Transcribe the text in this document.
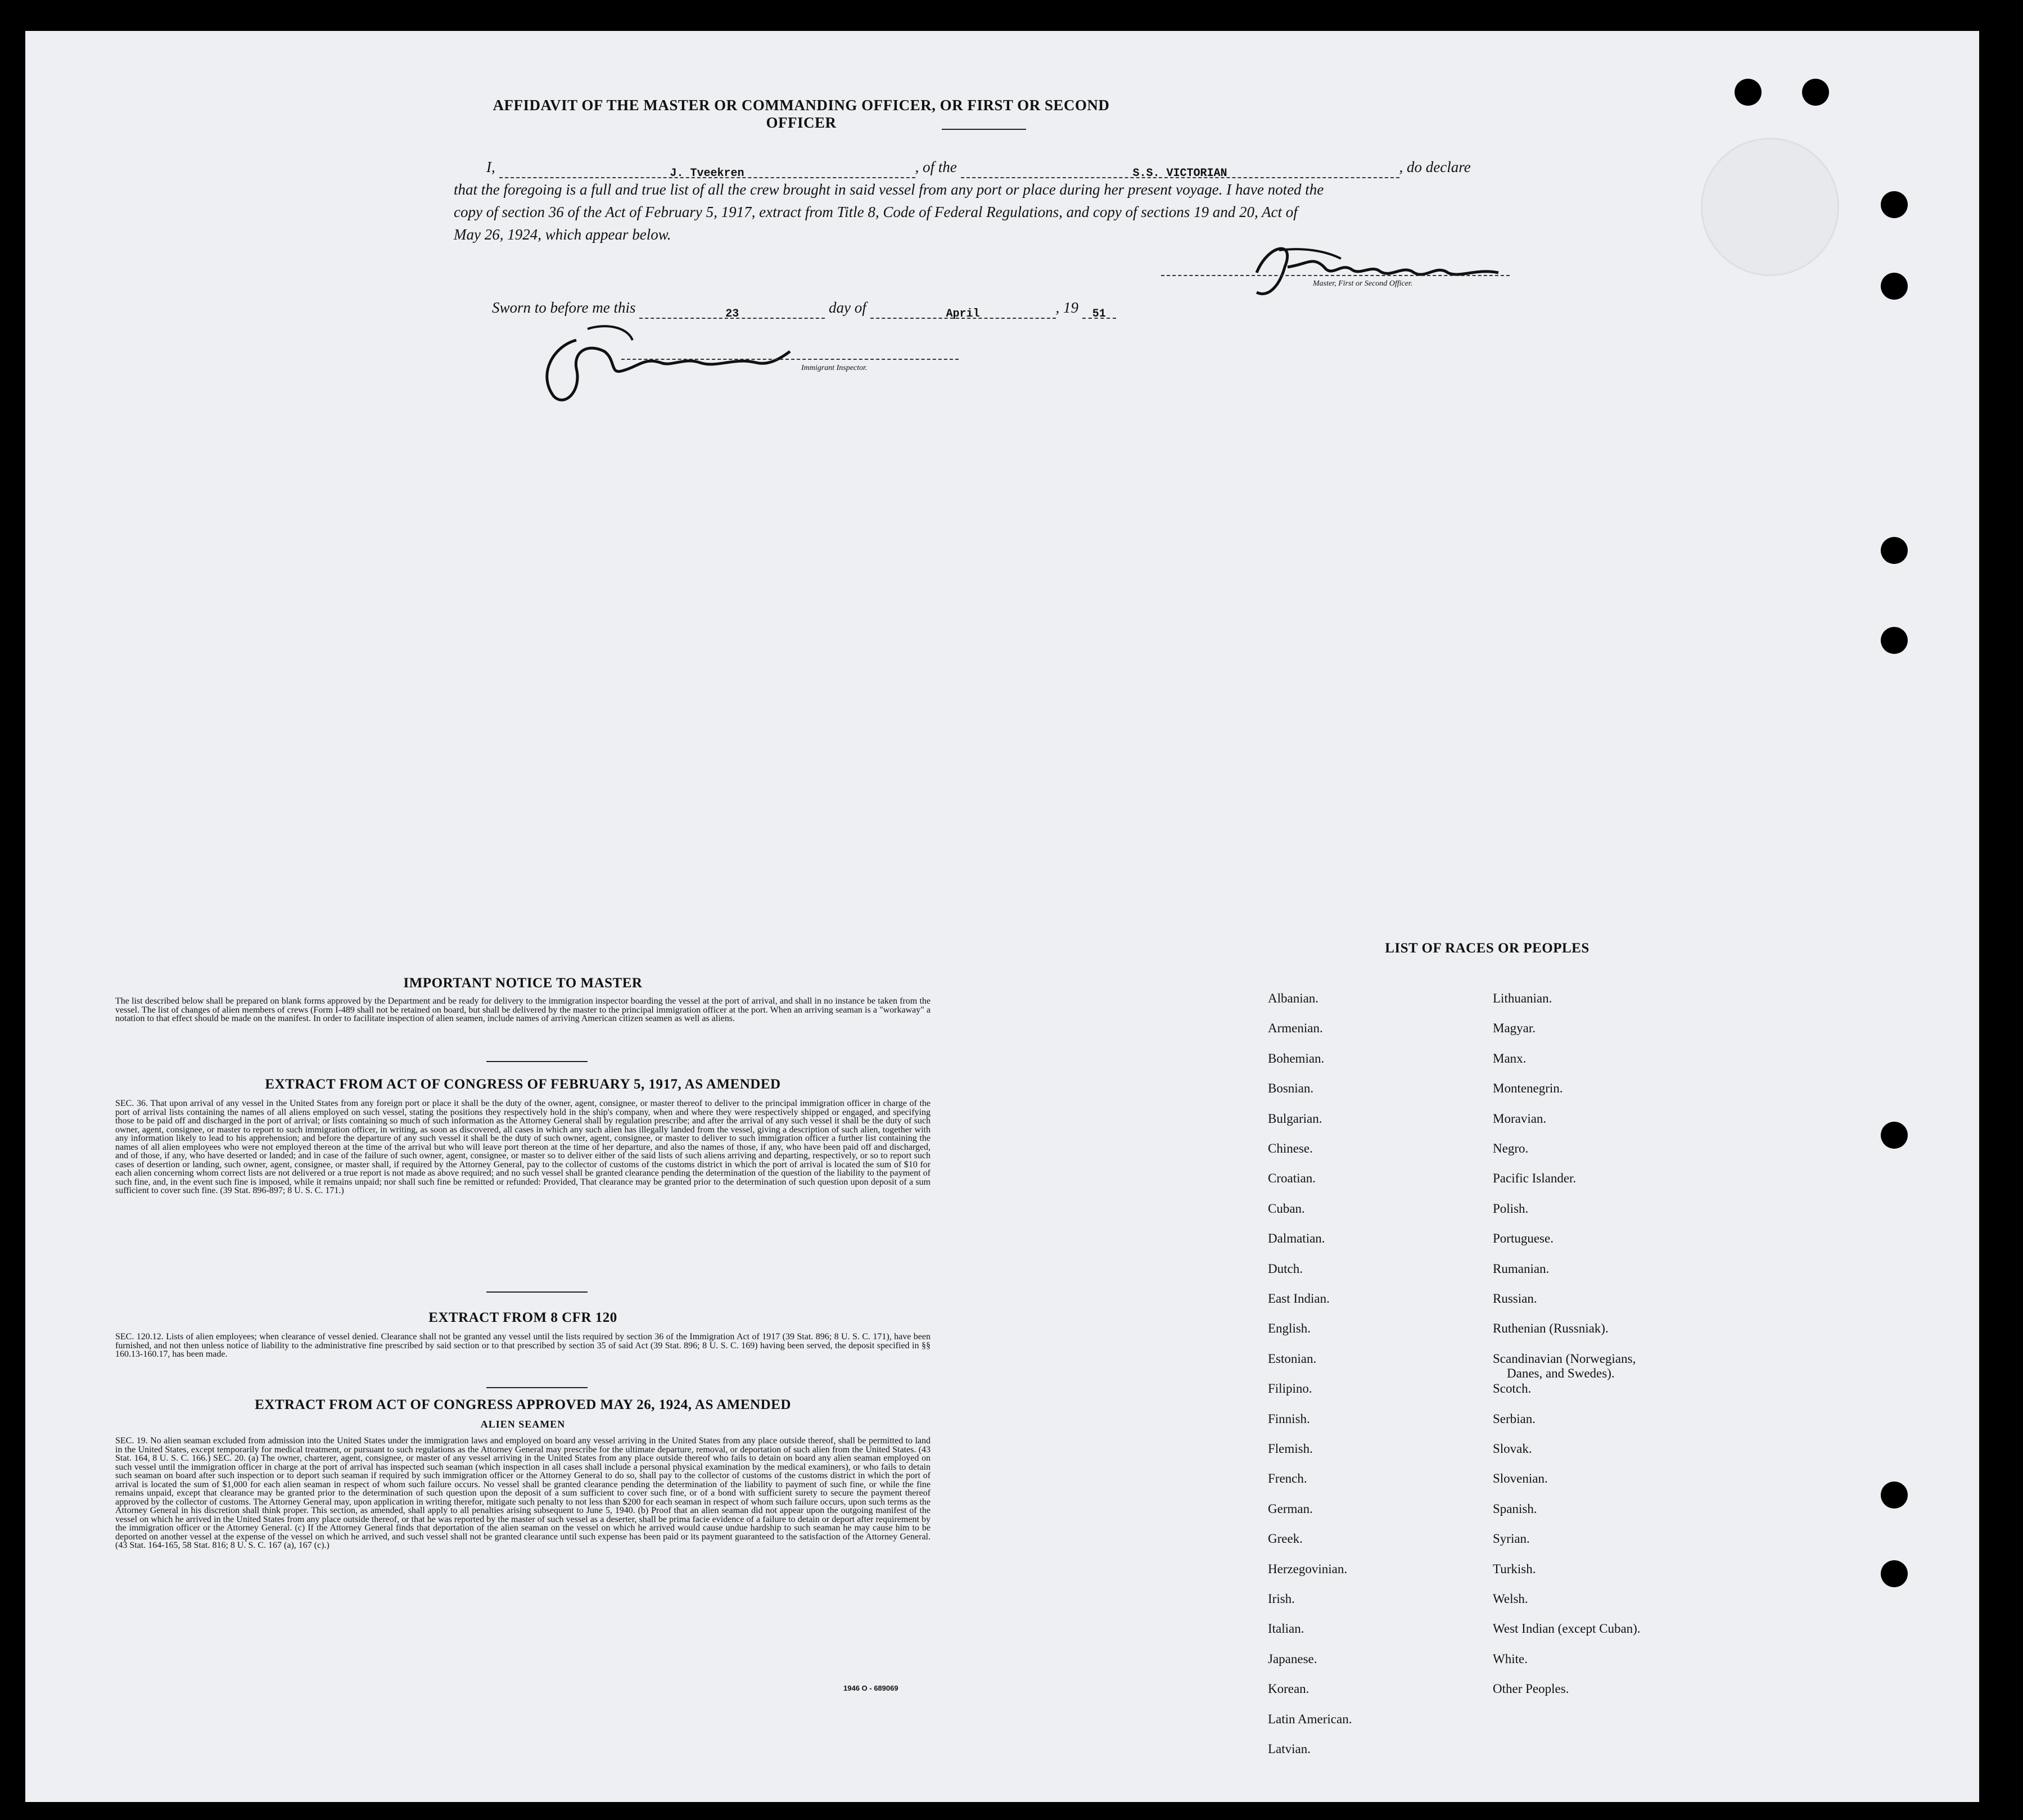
AFFIDAVIT OF THE MASTER OR COMMANDING OFFICER, OR FIRST OR SECOND OFFICER
I,	J. Tveekren	, of the	S.S. VICTORIAN	, do declare
that the foregoing is a full and true list of all the crew brought in said vessel from any port or place during her present voyage. I have noted the
copy of section 36 of the Act of February 5, 1917, extract from Title 8, Code of Federal Regulations, and copy of sections 19 and 20, Act of
May 26, 1924, which appear below.
Master, First or Second Officer.
Sworn to before me this	23	day of	April	, 19 51
Immigrant Inspector.
IMPORTANT NOTICE TO MASTER
The list described below shall be prepared on blank forms approved by the Department and be ready for delivery to the immigration inspector boarding the vessel at the port of arrival, and shall in no instance be taken from the vessel. The list of changes of alien members of crews (Form I-489 shall not be retained on board, but shall be delivered by the master to the principal immigration officer at the port. When an arriving seaman is a "workaway" a notation to that effect should be made on the manifest. In order to facilitate inspection of alien seamen, include names of arriving American citizen seamen as well as aliens.
EXTRACT FROM ACT OF CONGRESS OF FEBRUARY 5, 1917, AS AMENDED
SEC. 36. That upon arrival of any vessel in the United States from any foreign port or place it shall be the duty of the owner, agent, consignee, or master thereof to deliver to the principal immigration officer in charge of the port of arrival lists containing the names of all aliens employed on such vessel, stating the positions they respectively hold in the ship's company, when and where they were respectively shipped or engaged, and specifying those to be paid off and discharged in the port of arrival; or lists containing so much of such information as the Attorney General shall by regulation prescribe; and after the arrival of any such vessel it shall be the duty of such owner, agent, consignee, or master to report to such immigration officer, in writing, as soon as discovered, all cases in which any such alien has illegally landed from the vessel, giving a description of such alien, together with any information likely to lead to his apprehension; and before the departure of any such vessel it shall be the duty of such owner, agent, consignee, or master to deliver to such immigration officer a further list containing the names of all alien employees who were not employed thereon at the time of the arrival but who will leave port thereon at the time of her departure, and also the names of those, if any, who have been paid off and discharged, and of those, if any, who have deserted or landed; and in case of the failure of such owner, agent, consignee, or master so to deliver either of the said lists of such aliens arriving and departing, respectively, or so to report such cases of desertion or landing, such owner, agent, consignee, or master shall, if required by the Attorney General, pay to the collector of customs of the customs district in which the port of arrival is located the sum of $10 for each alien concerning whom correct lists are not delivered or a true report is not made as above required; and no such vessel shall be granted clearance pending the determination of the question of the liability to the payment of such fine, and, in the event such fine is imposed, while it remains unpaid; nor shall such fine be remitted or refunded: Provided, That clearance may be granted prior to the determination of such question upon deposit of a sum sufficient to cover such fine. (39 Stat. 896-897; 8 U. S. C. 171.)
EXTRACT FROM 8 CFR 120
SEC. 120.12. Lists of alien employees; when clearance of vessel denied. Clearance shall not be granted any vessel until the lists required by section 36 of the Immigration Act of 1917 (39 Stat. 896; 8 U. S. C. 171), have been furnished, and not then unless notice of liability to the administrative fine prescribed by said section or to that prescribed by section 35 of said Act (39 Stat. 896; 8 U. S. C. 169) having been served, the deposit specified in §§ 160.13-160.17, has been made.
EXTRACT FROM ACT OF CONGRESS APPROVED MAY 26, 1924, AS AMENDED
ALIEN SEAMEN
SEC. 19. No alien seaman excluded from admission into the United States under the immigration laws and employed on board any vessel arriving in the United States from any place outside thereof, shall be permitted to land in the United States, except temporarily for medical treatment, or pursuant to such regulations as the Attorney General may prescribe for the ultimate departure, removal, or deportation of such alien from the United States. (43 Stat. 164, 8 U. S. C. 166.) SEC. 20. (a) The owner, charterer, agent, consignee, or master of any vessel arriving in the United States from any place outside thereof who fails to detain on board any alien seaman employed on such vessel until the immigration officer in charge at the port of arrival has inspected such seaman (which inspection in all cases shall include a personal physical examination by the medical examiners), or who fails to detain such seaman on board after such inspection or to deport such seaman if required by such immigration officer or the Attorney General to do so, shall pay to the collector of customs of the customs district in which the port of arrival is located the sum of $1,000 for each alien seaman in respect of whom such failure occurs. No vessel shall be granted clearance pending the determination of the liability to payment of such fine, or while the fine remains unpaid, except that clearance may be granted prior to the determination of such question upon the deposit of a sum sufficient to cover such fine, or of a bond with sufficient surety to secure the payment thereof approved by the collector of customs. The Attorney General may, upon application in writing therefor, mitigate such penalty to not less than $200 for each seaman in respect of whom such failure occurs, upon such terms as the Attorney General in his discretion shall think proper. This section, as amended, shall apply to all penalties arising subsequent to June 5, 1940. (b) Proof that an alien seaman did not appear upon the outgoing manifest of the vessel on which he arrived in the United States from any place outside thereof, or that he was reported by the master of such vessel as a deserter, shall be prima facie evidence of a failure to detain or deport after requirement by the immigration officer or the Attorney General. (c) If the Attorney General finds that deportation of the alien seaman on the vessel on which he arrived would cause undue hardship to such seaman he may cause him to be deported on another vessel at the expense of the vessel on which he arrived, and such vessel shall not be granted clearance until such expense has been paid or its payment guaranteed to the satisfaction of the Attorney General. (43 Stat. 164-165, 58 Stat. 816; 8 U. S. C. 167 (a), 167 (c).)
1946 O - 689069
LIST OF RACES OR PEOPLES
Albanian.
Armenian.
Bohemian.
Bosnian.
Bulgarian.
Chinese.
Croatian.
Cuban.
Dalmatian.
Dutch.
East Indian.
English.
Estonian.
Filipino.
Finnish.
Flemish.
French.
German.
Greek.
Herzegovinian.
Irish.
Italian.
Japanese.
Korean.
Latin American.
Latvian.
Lithuanian.
Magyar.
Manx.
Montenegrin.
Moravian.
Negro.
Pacific Islander.
Polish.
Portuguese.
Rumanian.
Russian.
Ruthenian (Russniak).
Scandinavian (Norwegians,
Danes, and Swedes).
Scotch.
Serbian.
Slovak.
Slovenian.
Spanish.
Syrian.
Turkish.
Welsh.
West Indian (except Cuban).
White.
Other Peoples.
